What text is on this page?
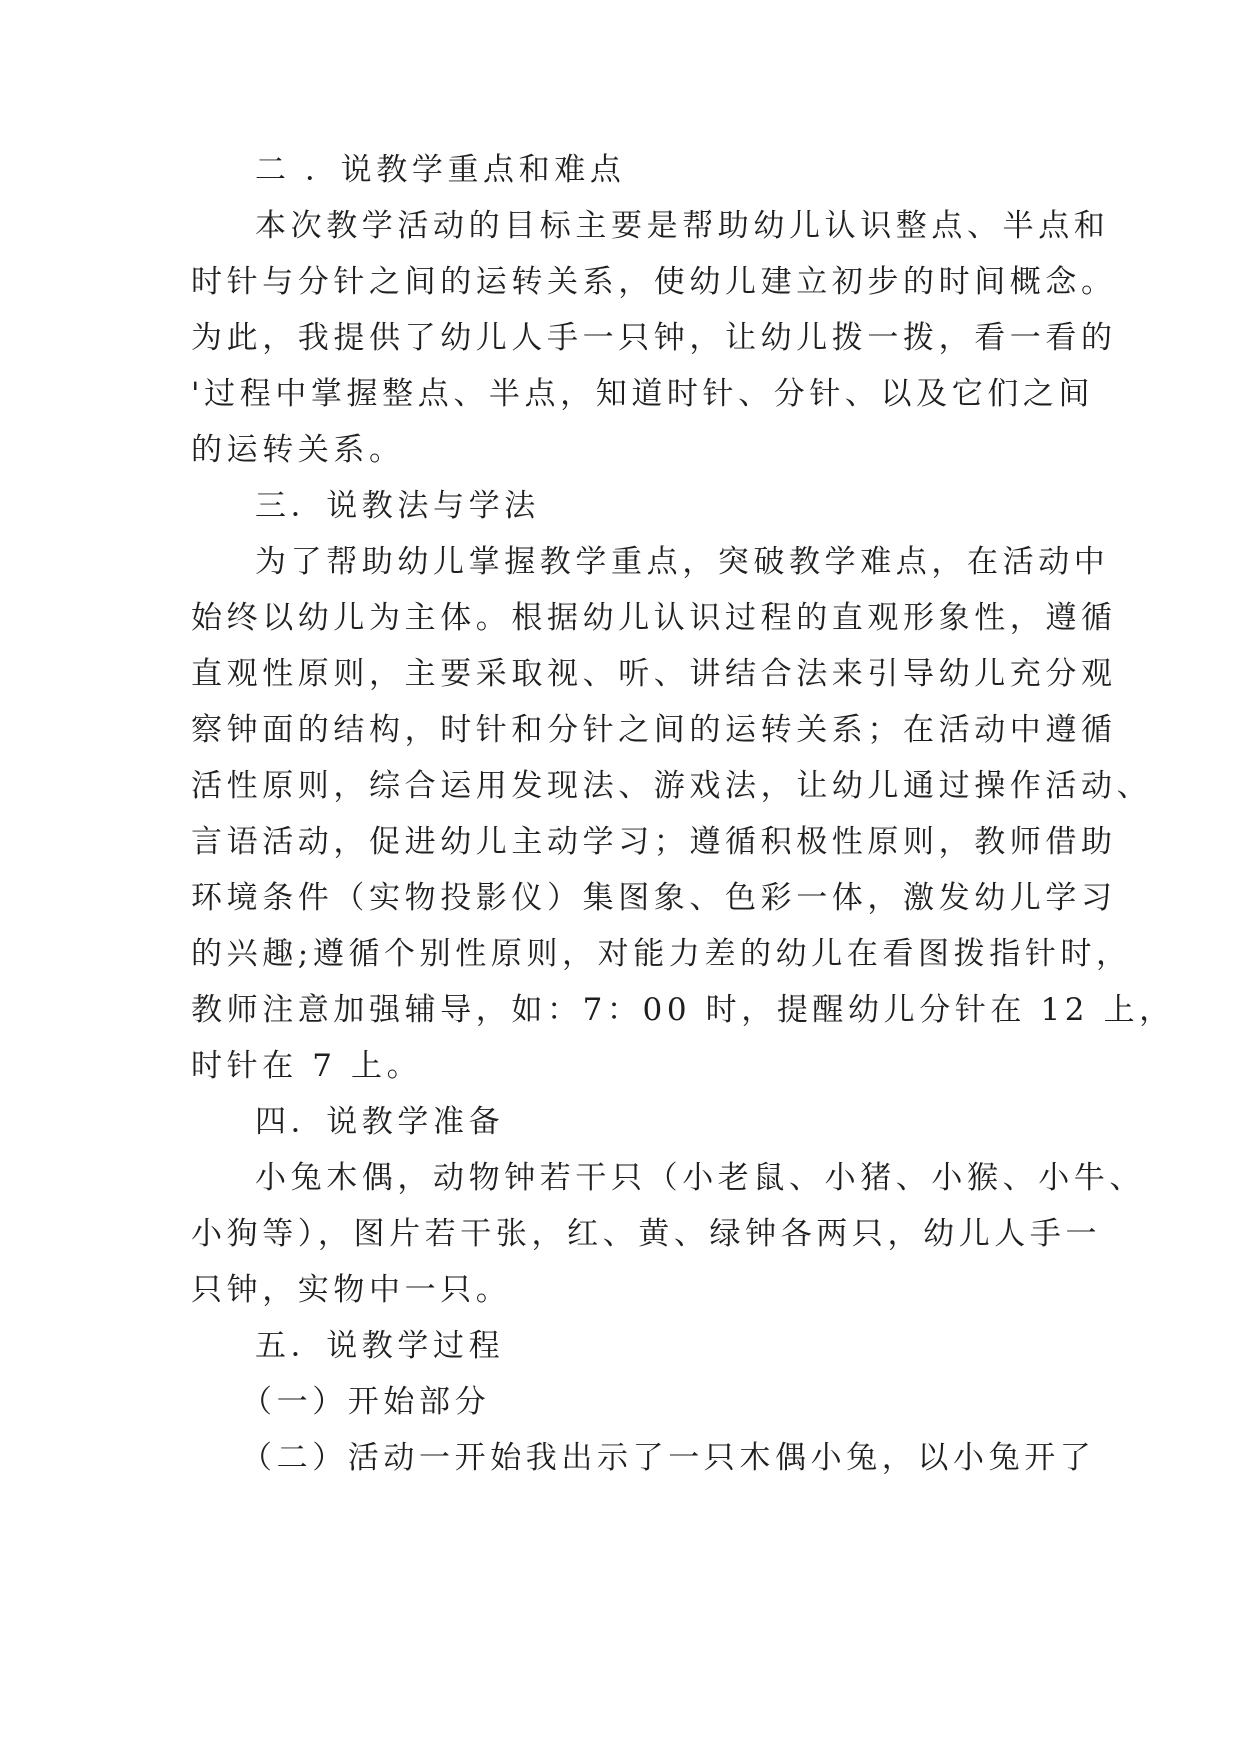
二 ．说教学重点和难点
本次教学活动的目标主要是帮助幼儿认识整点、半点和
时针与分针之间的运转关系，使幼儿建立初步的时间概念。
为此，我提供了幼儿人手一只钟，让幼儿拨一拨，看一看的
'过程中掌握整点、半点，知道时针、分针、以及它们之间
的运转关系。
三．说教法与学法
为了帮助幼儿掌握教学重点，突破教学难点，在活动中
始终以幼儿为主体。根据幼儿认识过程的直观形象性，遵循
直观性原则，主要采取视、听、讲结合法来引导幼儿充分观
察钟面的结构，时针和分针之间的运转关系；在活动中遵循
活性原则，综合运用发现法、游戏法，让幼儿通过操作活动、
言语活动，促进幼儿主动学习；遵循积极性原则，教师借助
环境条件（实物投影仪）集图象、色彩一体，激发幼儿学习
的兴趣;遵循个别性原则，对能力差的幼儿在看图拨指针时，
教师注意加强辅导，如：7：00 时，提醒幼儿分针在 12 上，
时针在 7 上。
四．说教学准备
小兔木偶，动物钟若干只（小老鼠、小猪、小猴、小牛、
小狗等），图片若干张，红、黄、绿钟各两只，幼儿人手一
只钟，实物中一只。
五．说教学过程
（一）开始部分
（二）活动一开始我出示了一只木偶小兔，以小兔开了
